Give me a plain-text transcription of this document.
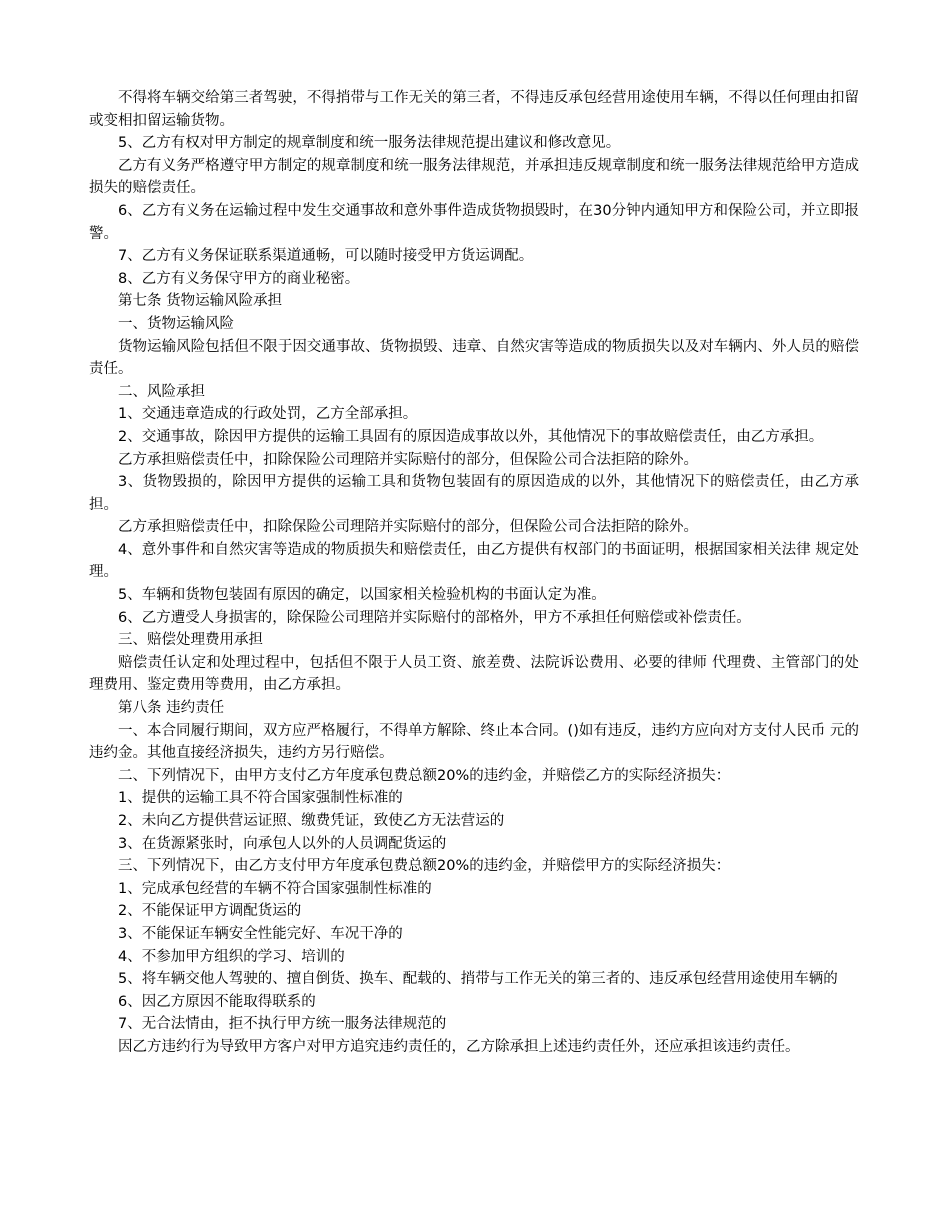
不得将车辆交给第三者驾驶，不得捎带与工作无关的第三者，不得违反承包经营用途使用车辆，不得以任何理由扣留或变相扣留运输货物。

5、乙方有权对甲方制定的规章制度和统一服务法律规范提出建议和修改意见。

乙方有义务严格遵守甲方制定的规章制度和统一服务法律规范，并承担违反规章制度和统一服务法律规范给甲方造成损失的赔偿责任。

6、乙方有义务在运输过程中发生交通事故和意外事件造成货物损毁时，在30分钟内通知甲方和保险公司，并立即报警。

7、乙方有义务保证联系渠道通畅，可以随时接受甲方货运调配。

8、乙方有义务保守甲方的商业秘密。

第七条 货物运输风险承担

一、货物运输风险

货物运输风险包括但不限于因交通事故、货物损毁、违章、自然灾害等造成的物质损失以及对车辆内、外人员的赔偿责任。

二、风险承担

1、交通违章造成的行政处罚，乙方全部承担。

2、交通事故，除因甲方提供的运输工具固有的原因造成事故以外，其他情况下的事故赔偿责任，由乙方承担。

乙方承担赔偿责任中，扣除保险公司理陪并实际赔付的部分，但保险公司合法拒陪的除外。

3、货物毁损的，除因甲方提供的运输工具和货物包装固有的原因造成的以外，其他情况下的赔偿责任，由乙方承担。

乙方承担赔偿责任中，扣除保险公司理陪并实际赔付的部分，但保险公司合法拒陪的除外。

4、意外事件和自然灾害等造成的物质损失和赔偿责任，由乙方提供有权部门的书面证明，根据国家相关法律 规定处理。

5、车辆和货物包装固有原因的确定，以国家相关检验机构的书面认定为准。

6、乙方遭受人身损害的，除保险公司理陪并实际赔付的部格外，甲方不承担任何赔偿或补偿责任。

三、赔偿处理费用承担

赔偿责任认定和处理过程中，包括但不限于人员工资、旅差费、法院诉讼费用、必要的律师 代理费、主管部门的处理费用、鉴定费用等费用，由乙方承担。

第八条 违约责任

一、本合同履行期间，双方应严格履行，不得单方解除、终止本合同。()如有违反，违约方应向对方支付人民币 元的违约金。其他直接经济损失，违约方另行赔偿。

二、下列情况下，由甲方支付乙方年度承包费总额20%的违约金，并赔偿乙方的实际经济损失：

1、提供的运输工具不符合国家强制性标准的

2、未向乙方提供营运证照、缴费凭证，致使乙方无法营运的

3、在货源紧张时，向承包人以外的人员调配货运的

三、下列情况下，由乙方支付甲方年度承包费总额20%的违约金，并赔偿甲方的实际经济损失：

1、完成承包经营的车辆不符合国家强制性标准的

2、不能保证甲方调配货运的

3、不能保证车辆安全性能完好、车况干净的

4、不参加甲方组织的学习、培训的

5、将车辆交他人驾驶的、擅自倒货、换车、配载的、捎带与工作无关的第三者的、违反承包经营用途使用车辆的

6、因乙方原因不能取得联系的

7、无合法情由，拒不执行甲方统一服务法律规范的

因乙方违约行为导致甲方客户对甲方追究违约责任的，乙方除承担上述违约责任外，还应承担该违约责任。
